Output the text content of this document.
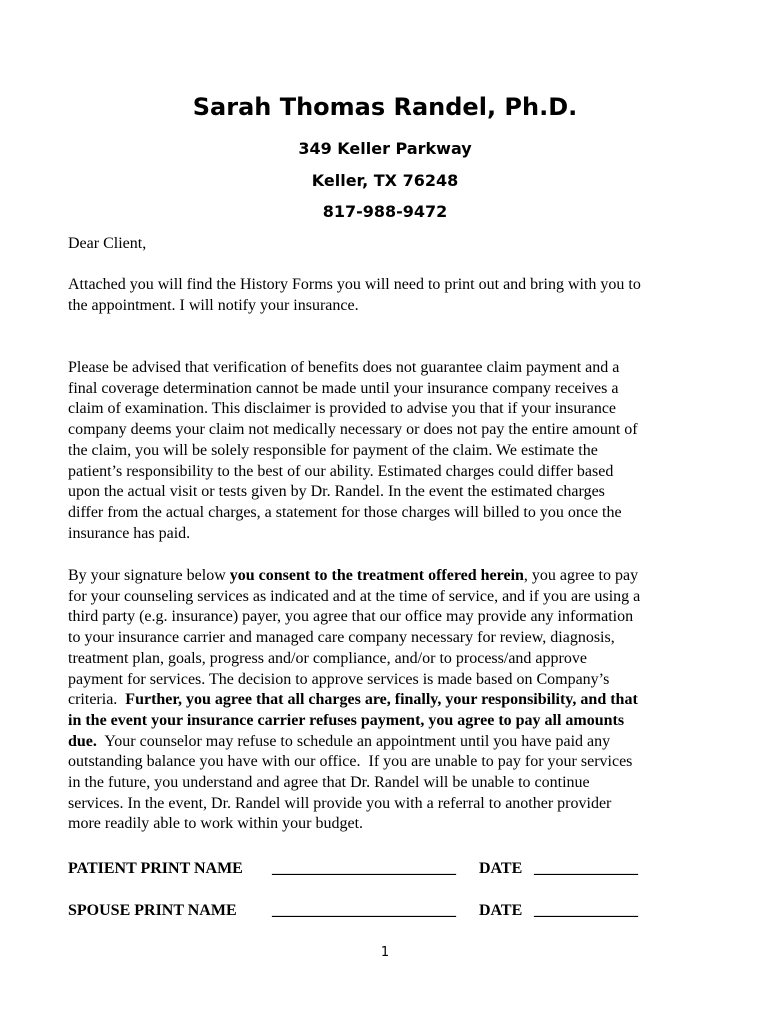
Sarah Thomas Randel, Ph.D.
349 Keller Parkway
Keller, TX 76248
817-988-9472
Dear Client,
Attached you will find the History Forms you will need to print out and bring with you to
the appointment. I will notify your insurance.
Please be advised that verification of benefits does not guarantee claim payment and a
final coverage determination cannot be made until your insurance company receives a
claim of examination. This disclaimer is provided to advise you that if your insurance
company deems your claim not medically necessary or does not pay the entire amount of
the claim, you will be solely responsible for payment of the claim. We estimate the
patient’s responsibility to the best of our ability. Estimated charges could differ based
upon the actual visit or tests given by Dr. Randel. In the event the estimated charges
differ from the actual charges, a statement for those charges will billed to you once the
insurance has paid.
By your signature below you consent to the treatment offered herein, you agree to pay
for your counseling services as indicated and at the time of service, and if you are using a
third party (e.g. insurance) payer, you agree that our office may provide any information
to your insurance carrier and managed care company necessary for review, diagnosis,
treatment plan, goals, progress and/or compliance, and/or to process/and approve
payment for services. The decision to approve services is made based on Company’s
criteria.  Further, you agree that all charges are, finally, your responsibility, and that
in the event your insurance carrier refuses payment, you agree to pay all amounts
due.  Your counselor may refuse to schedule an appointment until you have paid any
outstanding balance you have with our office.  If you are unable to pay for your services
in the future, you understand and agree that Dr. Randel will be unable to continue
services. In the event, Dr. Randel will provide you with a referral to another provider
more readily able to work within your budget.
PATIENT PRINT NAME _______________________ DATE _____________
SPOUSE PRINT NAME _______________________ DATE _____________
1
